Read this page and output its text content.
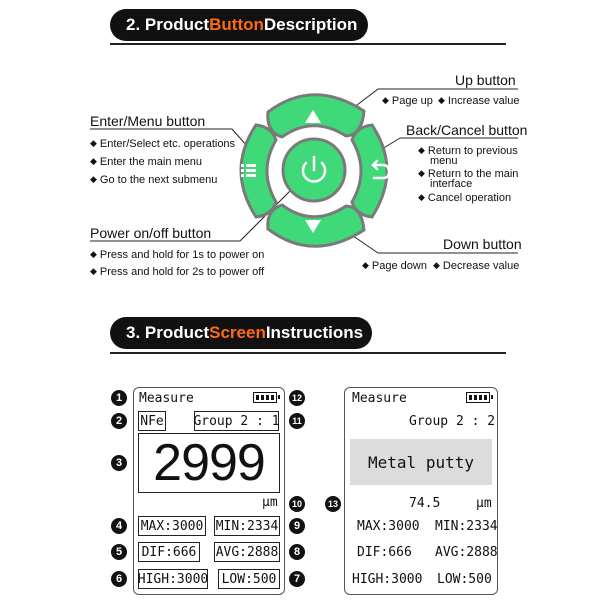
2. Product Button Description
Up button
◆ Page up	◆ Increase value
Enter/Menu button
◆ Enter/Select etc. operations
◆ Enter the main menu
◆ Go to the next submenu
Back/Cancel button
◆ Return to previous
menu
◆ Return to the main
interface
◆ Cancel operation
Power on/off button
◆ Press and hold for 1s to power on
◆ Press and hold for 2s to power off
Down button
◆ Page down	◆ Decrease value
3. Product Screen Instructions
Measure
NFe Group 2 : 1
2999
μm
MAX:3000 MIN:2334
DIF:666 AVG:2888
HIGH:3000 LOW:500
1
2
3
4
5
6	7
8
9
10
11
12
13
Measure
Group 2 : 2
Metal putty
74.5	μm
MAX:3000 MIN:2334
DIF:666 AVG:2888
HIGH:3000 LOW:500
